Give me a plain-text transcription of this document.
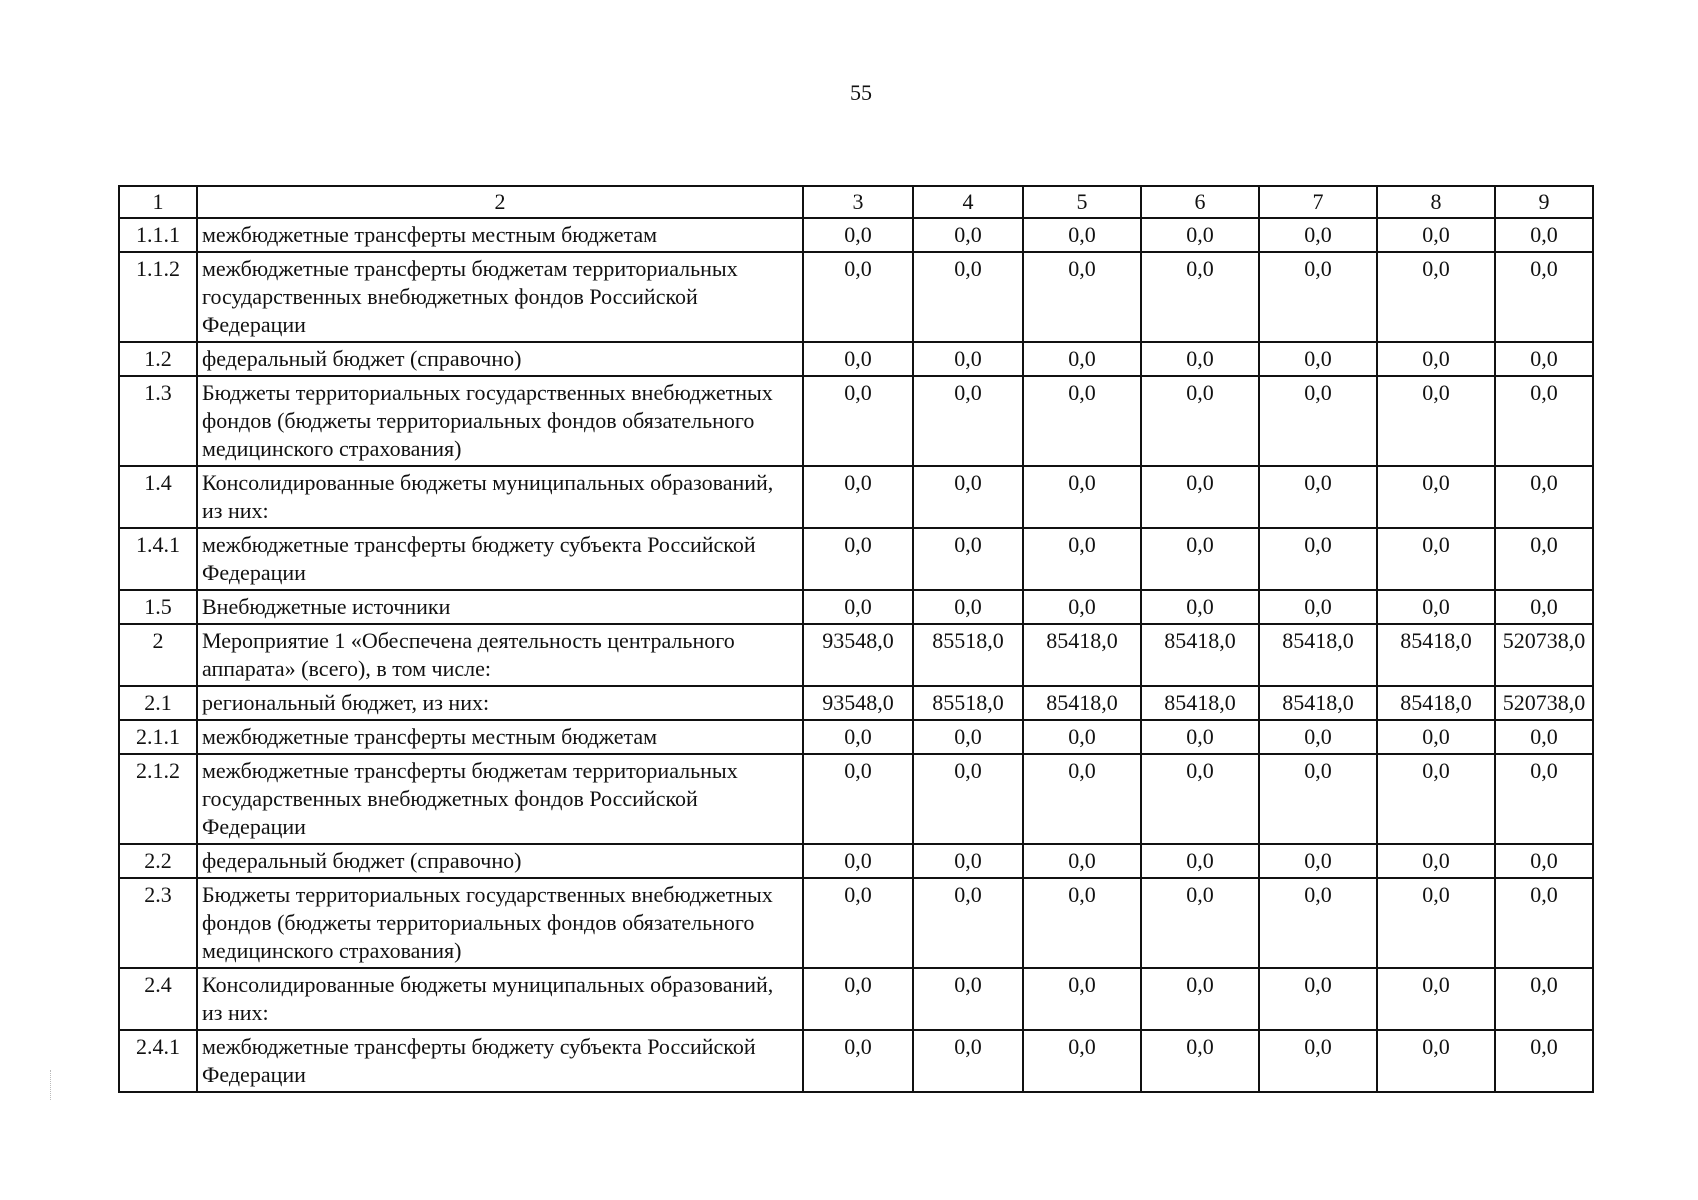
55
1	2	3	4	5	6	7	8	9
1.1.1	межбюджетные трансферты местным бюджетам	0,0	0,0	0,0	0,0	0,0	0,0	0,0
1.1.2	межбюджетные трансферты бюджетам территориальных государственных внебюджетных фондов Российской Федерации	0,0	0,0	0,0	0,0	0,0	0,0	0,0
1.2	федеральный бюджет (справочно)	0,0	0,0	0,0	0,0	0,0	0,0	0,0
1.3	Бюджеты территориальных государственных внебюджетных фондов (бюджеты территориальных фондов обязательного медицинского страхования)	0,0	0,0	0,0	0,0	0,0	0,0	0,0
1.4	Консолидированные бюджеты муниципальных образований, из них:	0,0	0,0	0,0	0,0	0,0	0,0	0,0
1.4.1	межбюджетные трансферты бюджету субъекта Российской Федерации	0,0	0,0	0,0	0,0	0,0	0,0	0,0
1.5	Внебюджетные источники	0,0	0,0	0,0	0,0	0,0	0,0	0,0
2	Мероприятие 1 «Обеспечена деятельность центрального аппарата» (всего), в том числе:	93548,0	85518,0	85418,0	85418,0	85418,0	85418,0	520738,0
2.1	региональный бюджет, из них:	93548,0	85518,0	85418,0	85418,0	85418,0	85418,0	520738,0
2.1.1	межбюджетные трансферты местным бюджетам	0,0	0,0	0,0	0,0	0,0	0,0	0,0
2.1.2	межбюджетные трансферты бюджетам территориальных государственных внебюджетных фондов Российской Федерации	0,0	0,0	0,0	0,0	0,0	0,0	0,0
2.2	федеральный бюджет (справочно)	0,0	0,0	0,0	0,0	0,0	0,0	0,0
2.3	Бюджеты территориальных государственных внебюджетных фондов (бюджеты территориальных фондов обязательного медицинского страхования)	0,0	0,0	0,0	0,0	0,0	0,0	0,0
2.4	Консолидированные бюджеты муниципальных образований, из них:	0,0	0,0	0,0	0,0	0,0	0,0	0,0
2.4.1	межбюджетные трансферты бюджету субъекта Российской Федерации	0,0	0,0	0,0	0,0	0,0	0,0	0,0
